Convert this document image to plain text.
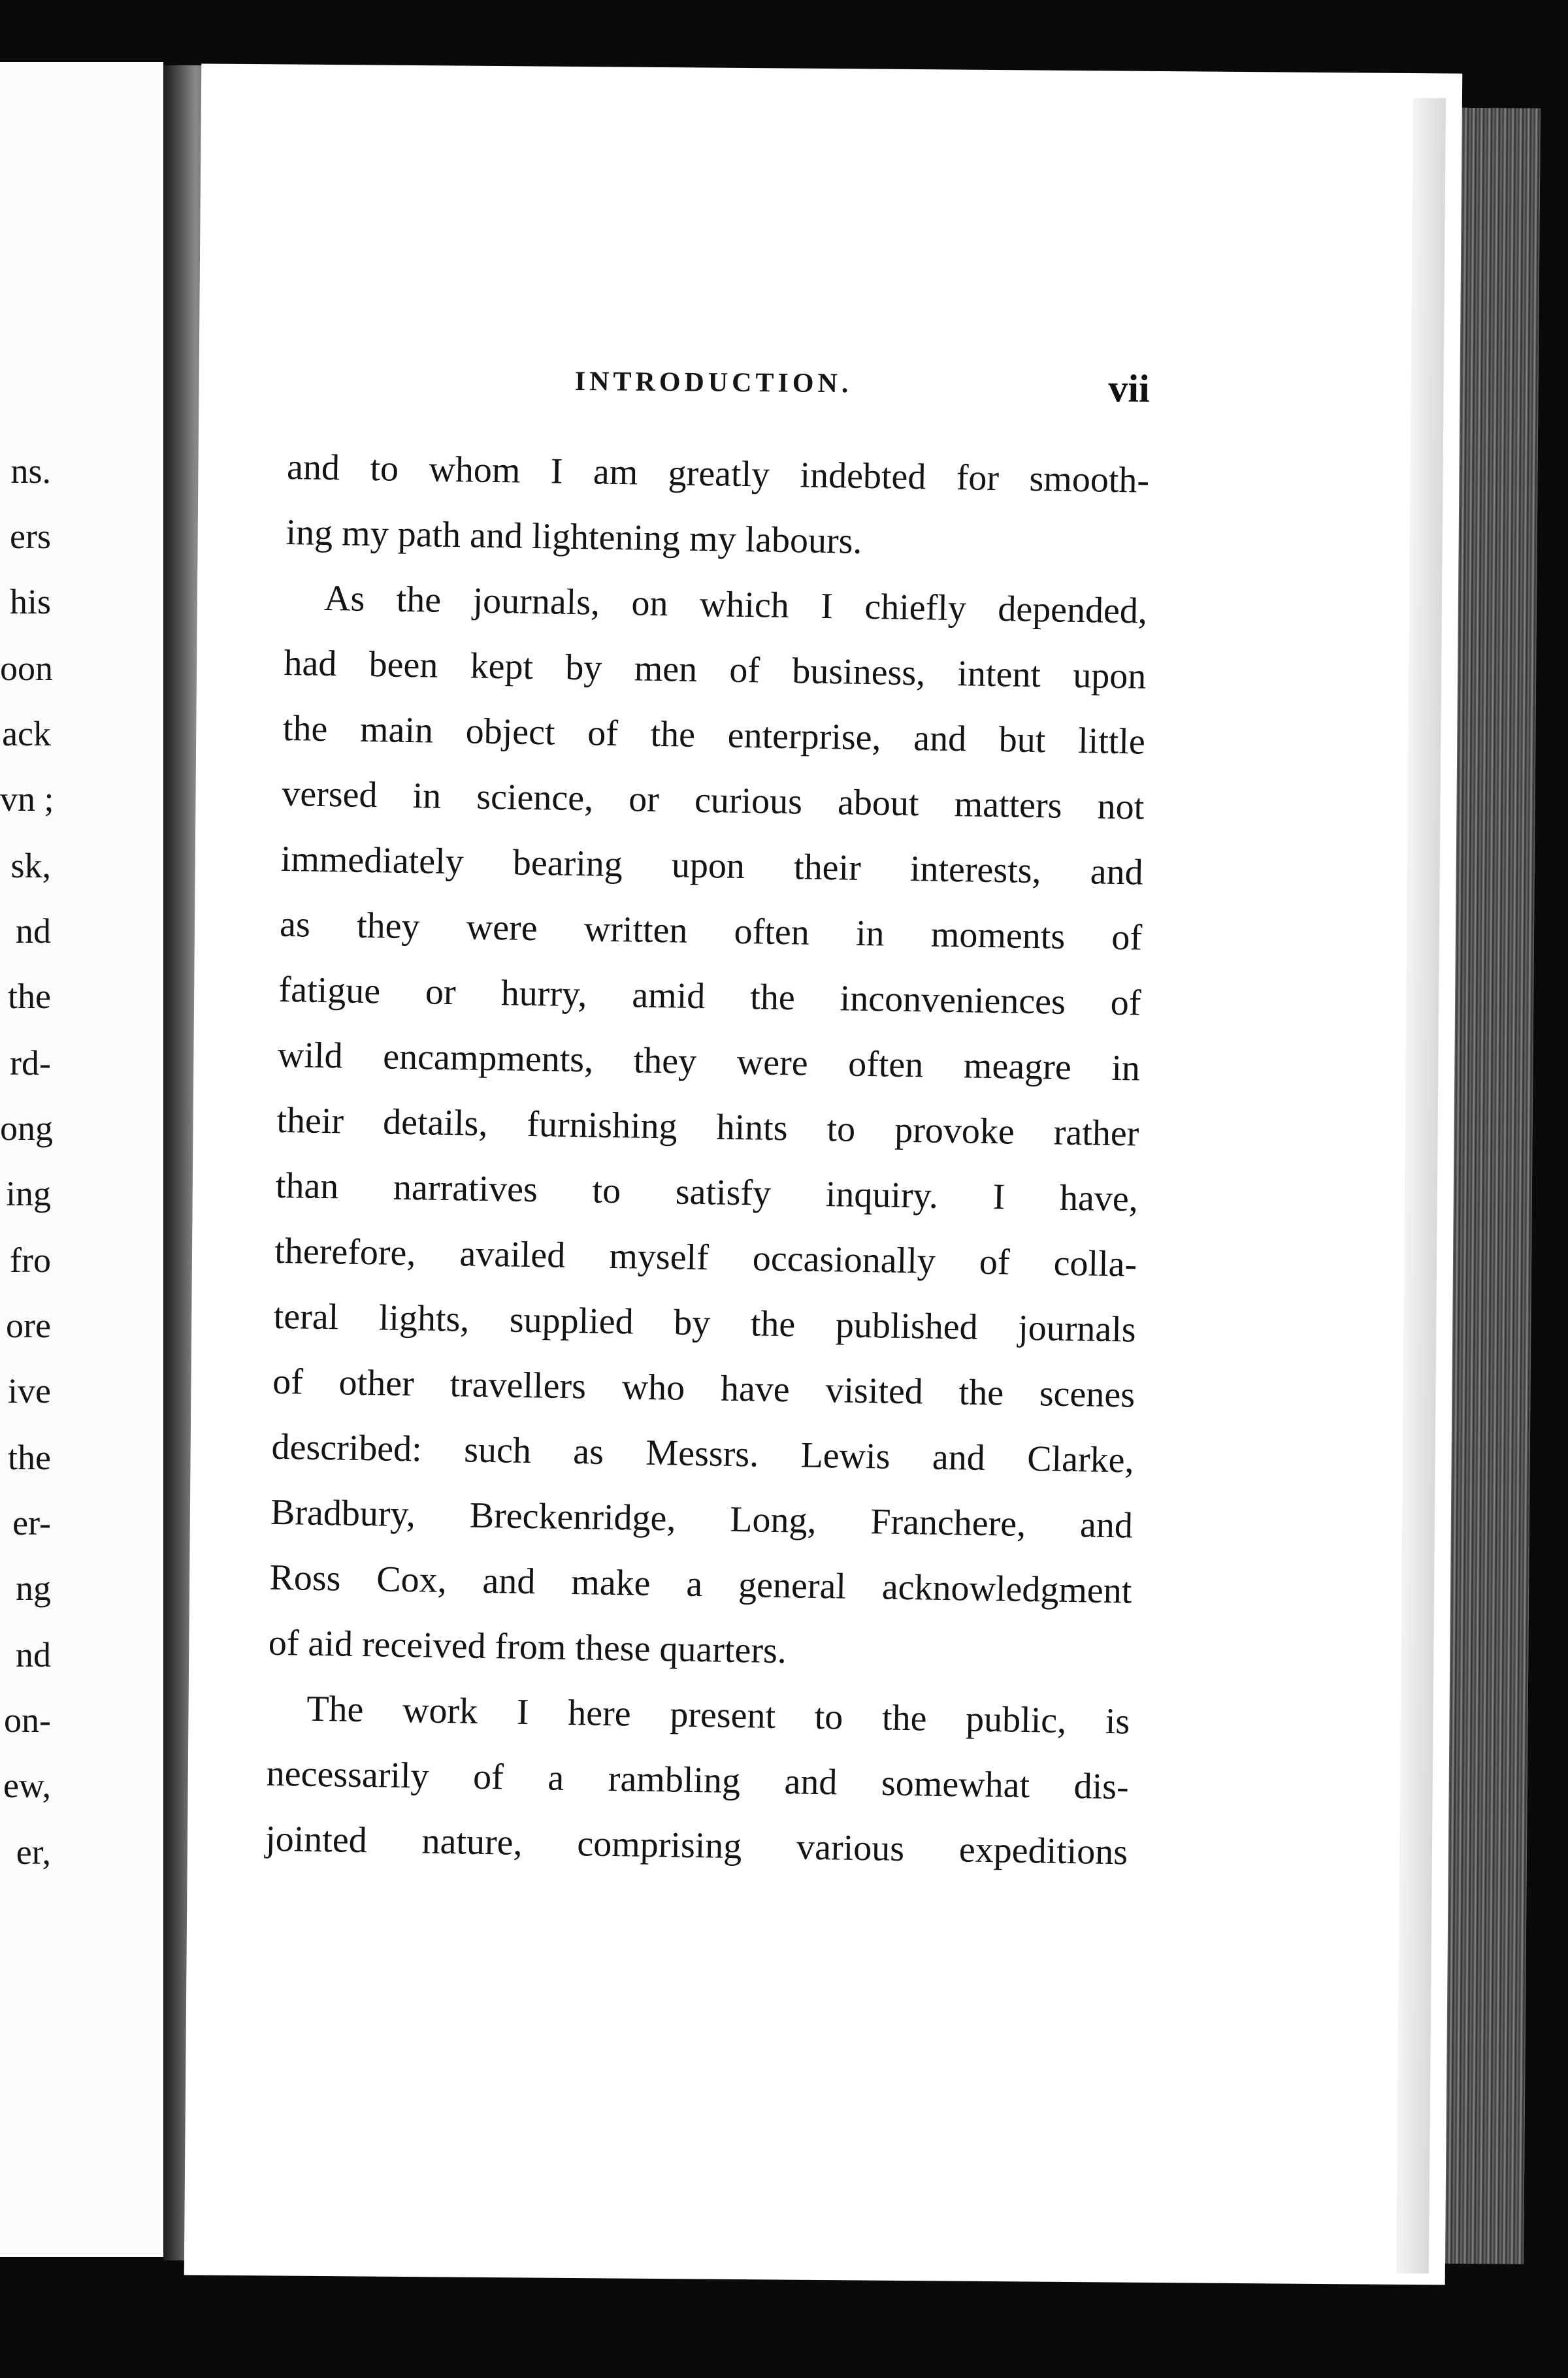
ns.
ers
his
oon
ack
vn ;
sk,
nd
the
rd-
ong
ing
fro
ore
ive
the
er-
ng
nd
on-
ew,
er,
INTRODUCTION.	vii
and to whom I am greatly indebted for smooth-
ing my path and lightening my labours.
As the journals, on which I chiefly depended,
had been kept by men of business, intent upon
the main object of the enterprise, and but little
versed in science, or curious about matters not
immediately bearing upon their interests, and
as they were written often in moments of
fatigue or hurry, amid the inconveniences of
wild encampments, they were often meagre in
their details, furnishing hints to provoke rather
than narratives to satisfy inquiry. I have,
therefore, availed myself occasionally of colla-
teral lights, supplied by the published journals
of other travellers who have visited the scenes
described: such as Messrs. Lewis and Clarke,
Bradbury, Breckenridge, Long, Franchere, and
Ross Cox, and make a general acknowledgment
of aid received from these quarters.
The work I here present to the public, is
necessarily of a rambling and somewhat dis-
jointed nature, comprising various expeditions
